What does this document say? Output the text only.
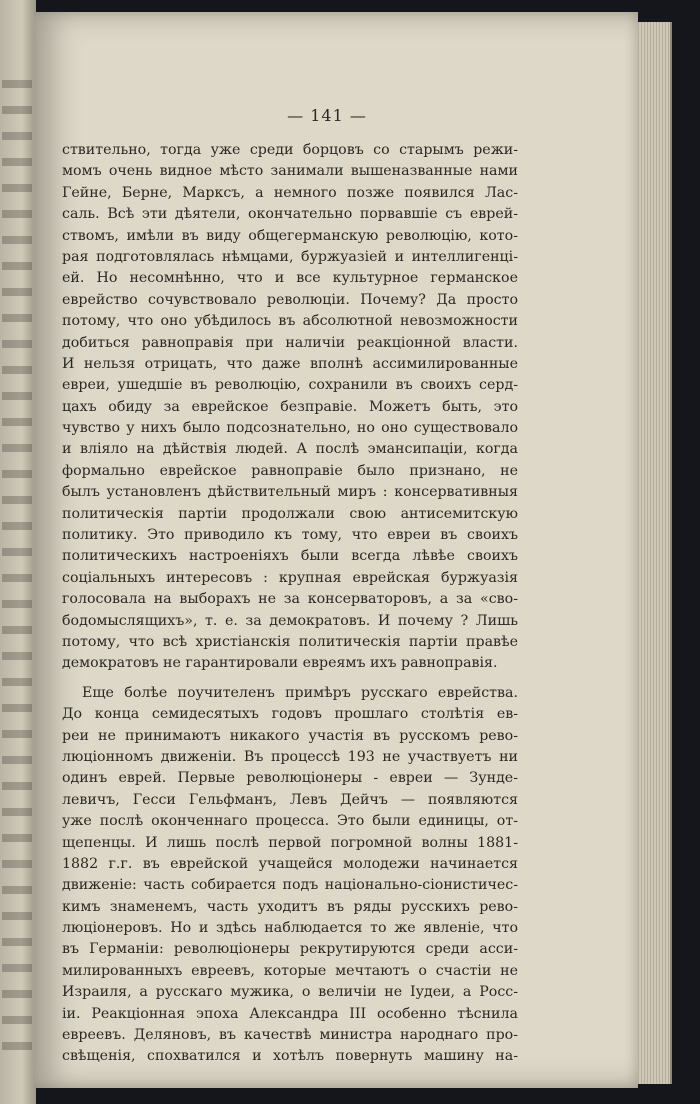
— 141 —
ствительно, тогда уже среди борцовъ со старымъ режи-
момъ очень видное мѣсто занимали вышеназванные нами
Гейне, Берне, Марксъ, а немного позже появился Лас-
саль. Всѣ эти дѣятели, окончательно порвавшiе съ еврей-
ствомъ, имѣли въ виду общегерманскую революцiю, кото-
рая подготовлялась нѣмцами, буржуазiей и интеллигенцi-
ей. Но несомнѣнно, что и все культурное германское
еврейство сочувствовало революцiи. Почему? Да просто
потому, что оно убѣдилось въ абсолютной невозможности
добиться равноправiя при наличiи реакцiонной власти.
И нельзя отрицать, что даже вполнѣ ассимилированные
евреи, ушедшiе въ революцiю, сохранили въ своихъ серд-
цахъ обиду за еврейское безправiе. Можетъ быть, это
чувство у нихъ было подсознательно, но оно существовало
и влiяло на дѣйствiя людей. А послѣ эмансипацiи, когда
формально еврейское равноправiе было признано, не
былъ установленъ дѣйствительный миръ : консервативныя
политическiя партiи продолжали свою антисемитскую
политику. Это приводило къ тому, что евреи въ своихъ
политическихъ настроенiяхъ были всегда лѣвѣе своихъ
соцiальныхъ интересовъ : крупная еврейская буржуазiя
голосовала на выборахъ не за консерваторовъ, а за «сво-
бодомыслящихъ», т. е. за демократовъ. И почему ? Лишь
потому, что всѣ христiанскiя политическiя партiи правѣе
демократовъ не гарантировали евреямъ ихъ равноправiя.
Еще болѣе поучителенъ примѣръ русскаго еврейства.
До конца семидесятыхъ годовъ прошлаго столѣтiя ев-
реи не принимаютъ никакого участiя въ русскомъ рево-
люцiонномъ движенiи. Въ процессѣ 193 не участвуетъ ни
одинъ еврей. Первые революцiонеры - евреи — Зунде-
левичъ, Гесси Гельфманъ, Левъ Дейчъ — появляются
уже послѣ оконченнаго процесса. Это были единицы, от-
щепенцы. И лишь послѣ первой погромной волны 1881-
1882 г.г. въ еврейской учащейся молодежи начинается
движенiе: часть собирается подъ нацiонально-сiонистичес-
кимъ знаменемъ, часть уходитъ въ ряды русскихъ рево-
люцiонеровъ. Но и здѣсь наблюдается то же явленiе, что
въ Германiи: революцiонеры рекрутируются среди асси-
милированныхъ евреевъ, которые мечтаютъ о счастiи не
Израиля, а русскаго мужика, о величiи не Iудеи, а Росс-
iи. Реакцiонная эпоха Александра III особенно тѣснила
евреевъ. Деляновъ, въ качествѣ министра народнаго про-
свѣщенiя, спохватился и хотѣлъ повернуть машину на-
